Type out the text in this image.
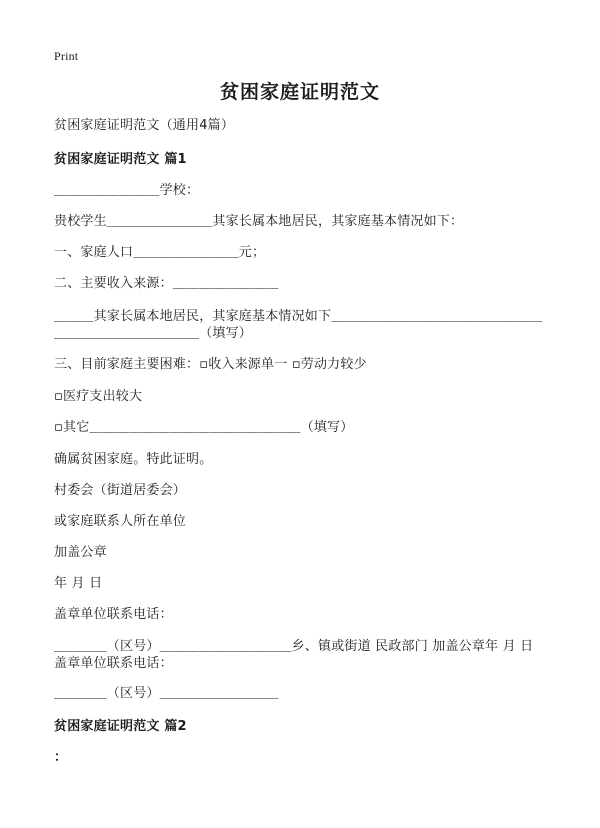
Print
贫困家庭证明范文
贫困家庭证明范文（通用4篇）
贫困家庭证明范文 篇1
＿＿＿＿＿＿＿＿学校：
贵校学生＿＿＿＿＿＿＿＿其家长属本地居民，其家庭基本情况如下：
一、家庭人口＿＿＿＿＿＿＿＿元；
二、主要收入来源：＿＿＿＿＿＿＿＿
＿＿＿其家长属本地居民，其家庭基本情况如下＿＿＿＿＿＿＿＿＿＿＿＿＿＿＿＿
＿＿＿＿＿＿＿＿＿＿＿（填写）
三、目前家庭主要困难：▫收入来源单一 ▫劳动力较少
▫医疗支出较大
▫其它＿＿＿＿＿＿＿＿＿＿＿＿＿＿＿＿（填写）
确属贫困家庭。特此证明。
村委会（街道居委会）
或家庭联系人所在单位
加盖公章
年 月 日
盖章单位联系电话：
＿＿＿＿（区号）＿＿＿＿＿＿＿＿＿＿乡、镇或街道 民政部门 加盖公章年 月 日
盖章单位联系电话：
＿＿＿＿（区号）＿＿＿＿＿＿＿＿＿
贫困家庭证明范文 篇2
：
